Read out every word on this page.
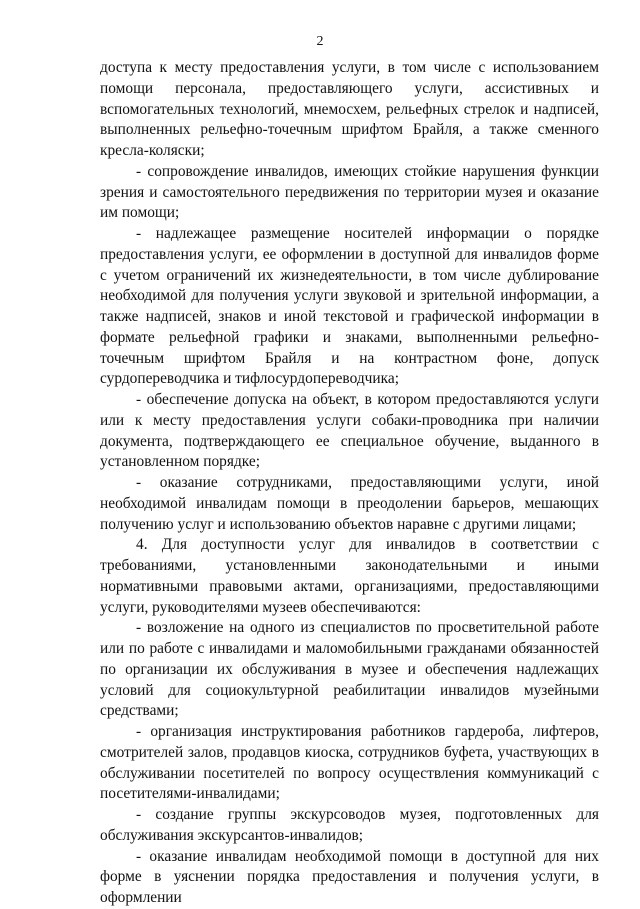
2

доступа к месту предоставления услуги, в том числе с использованием помощи персонала, предоставляющего услуги, ассистивных и вспомогательных технологий, мнемосхем, рельефных стрелок и надписей, выполненных рельефно-точечным шрифтом Брайля, а также сменного кресла-коляски;

- сопровождение инвалидов, имеющих стойкие нарушения функции зрения и самостоятельного передвижения по территории музея и оказание им помощи;

- надлежащее размещение носителей информации о порядке предоставления услуги, ее оформлении в доступной для инвалидов форме с учетом ограничений их жизнедеятельности, в том числе дублирование необходимой для получения услуги звуковой и зрительной информации, а также надписей, знаков и иной текстовой и графической информации в формате рельефной графики и знаками, выполненными рельефно-точечным шрифтом Брайля и на контрастном фоне, допуск сурдопереводчика и тифлосурдопереводчика;

- обеспечение допуска на объект, в котором предоставляются услуги или к месту предоставления услуги собаки-проводника при наличии документа, подтверждающего ее специальное обучение, выданного в установленном порядке;

- оказание сотрудниками, предоставляющими услуги, иной необходимой инвалидам помощи в преодолении барьеров, мешающих получению услуг и использованию объектов наравне с другими лицами;

4. Для доступности услуг для инвалидов в соответствии с требованиями, установленными законодательными и иными нормативными правовыми актами, организациями, предоставляющими услуги, руководителями музеев обеспечиваются:

- возложение на одного из специалистов по просветительной работе или по работе с инвалидами и маломобильными гражданами обязанностей по организации их обслуживания в музее и обеспечения надлежащих условий для социокультурной реабилитации инвалидов музейными средствами;

- организация инструктирования работников гардероба, лифтеров, смотрителей залов, продавцов киоска, сотрудников буфета, участвующих в обслуживании посетителей по вопросу осуществления коммуникаций с посетителями-инвалидами;

- создание группы экскурсоводов музея, подготовленных для обслуживания экскурсантов-инвалидов;

- оказание инвалидам необходимой помощи в доступной для них форме в уяснении порядка предоставления и получения услуги, в оформлении
